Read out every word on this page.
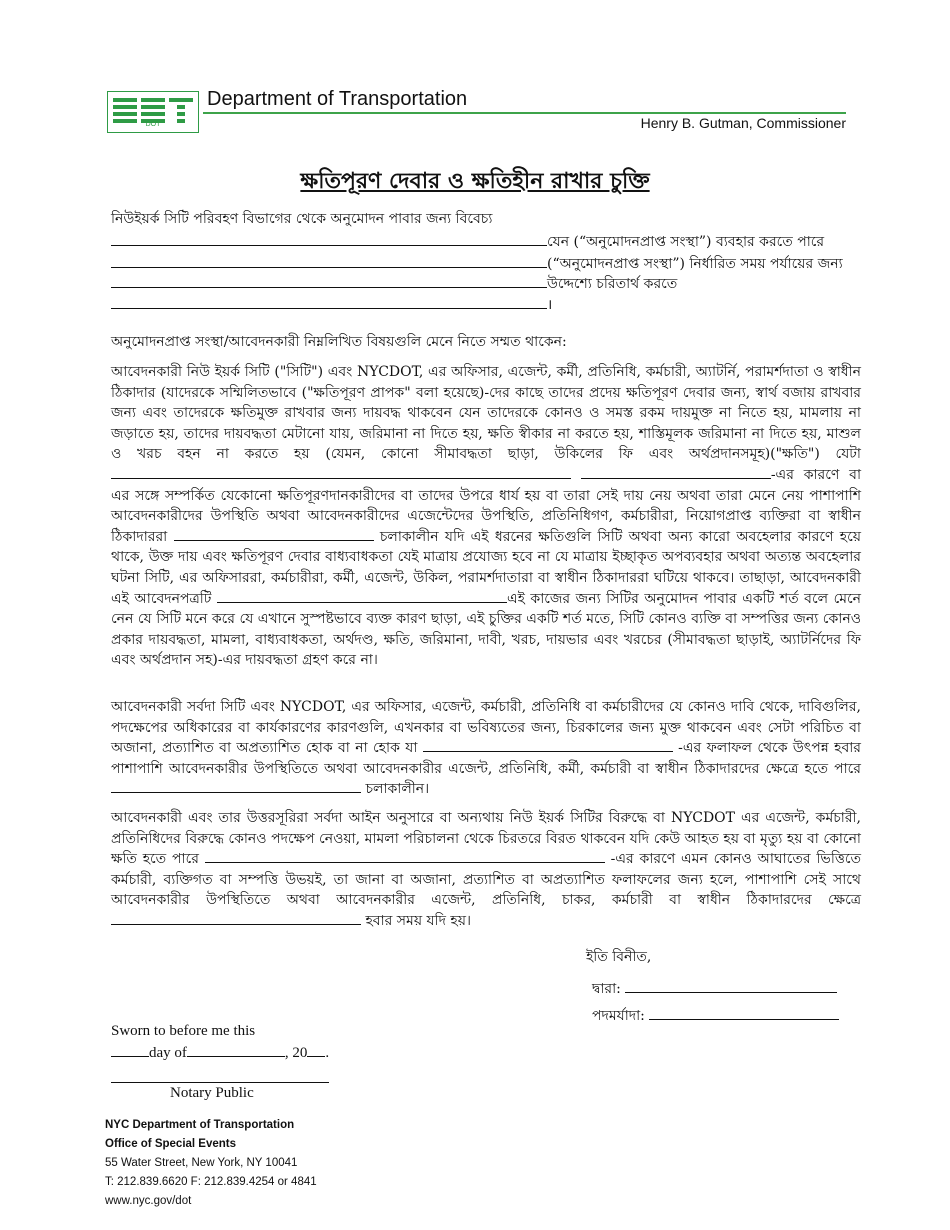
DOT
Department of Transportation
Henry B. Gutman, Commissioner
ক্ষতিপূরণ দেবার ও ক্ষতিহীন রাখার চুক্তি
নিউইয়র্ক সিটি পরিবহণ বিভাগের থেকে অনুমোদন পাবার জন্য বিবেচ্য
যেন (“অনুমোদনপ্রাপ্ত সংস্থা”) ব্যবহার করতে পারে
(“অনুমোদনপ্রাপ্ত সংস্থা”) নির্ধারিত সময় পর্যায়ের জন্য
উদ্দেশ্যে চরিতার্থ করতে
।
অনুমোদনপ্রাপ্ত সংস্থা/আবেদনকারী নিম্নলিখিত বিষয়গুলি মেনে নিতে সম্মত থাকেন:
আবেদনকারী নিউ ইয়র্ক সিটি ("সিটি") এবং NYCDOT, এর অফিসার, এজেন্ট, কর্মী, প্রতিনিধি, কর্মচারী, অ্যাটর্নি, পরামর্শদাতা ও স্বাধীন ঠিকাদার (যাদেরকে সম্মিলিতভাবে ("ক্ষতিপূরণ প্রাপক" বলা হয়েছে)-দের কাছে তাদের প্রদেয় ক্ষতিপূরণ দেবার জন্য, স্বার্থ বজায় রাখবার জন্য এবং তাদেরকে ক্ষতিমুক্ত রাখবার জন্য দায়বদ্ধ থাকবেন যেন তাদেরকে কোনও ও সমস্ত রকম দায়মুক্ত না নিতে হয়, মামলায় না জড়াতে হয়, তাদের দায়বদ্ধতা মেটানো যায়, জরিমানা না দিতে হয়, ক্ষতি স্বীকার না করতে হয়, শাস্তিমূলক জরিমানা না দিতে হয়, মাশুল ও খরচ বহন না করতে হয় (যেমন, কোনো সীমাবদ্ধতা ছাড়া, উকিলের ফি এবং অর্থপ্রদানসমূহ)("ক্ষতি") যেটা  -এর কারণে বা এর সঙ্গে সম্পর্কিত যেকোনো ক্ষতিপূরণদানকারীদের বা তাদের উপরে ধার্য হয় বা তারা সেই দায় নেয় অথবা তারা মেনে নেয় পাশাপাশি আবেদনকারীদের উপস্থিতি অথবা আবেদনকারীদের এজেন্টেদের উপস্থিতি, প্রতিনিধিগণ, কর্মচারীরা, নিয়োগপ্রাপ্ত ব্যক্তিরা বা স্বাধীন ঠিকাদাররা	চলাকালীন যদি এই ধরনের ক্ষতিগুলি সিটি অথবা অন্য কারো অবহেলার কারণে হয়ে থাকে, উক্ত দায় এবং ক্ষতিপূরণ দেবার বাধ্যবাধকতা যেই মাত্রায় প্রযোজ্য হবে না যে মাত্রায় ইচ্ছাকৃত অপব্যবহার অথবা অত্যন্ত অবহেলার ঘটনা সিটি, এর অফিসাররা, কর্মচারীরা, কর্মী, এজেন্ট, উকিল, পরামর্শদাতারা বা স্বাধীন ঠিকাদাররা ঘটিয়ে থাকবে। তাছাড়া, আবেদনকারী এই আবেদনপত্রটি	এই কাজের জন্য সিটির অনুমোদন পাবার একটি শর্ত বলে মেনে নেন যে সিটি মনে করে যে এখানে সুস্পষ্টভাবে ব্যক্ত কারণ ছাড়া, এই চুক্তির একটি শর্ত মতে, সিটি কোনও ব্যক্তি বা সম্পত্তির জন্য কোনও প্রকার দায়বদ্ধতা, মামলা, বাধ্যবাধকতা, অর্থদণ্ড, ক্ষতি, জরিমানা, দাবী, খরচ, দায়ভার এবং খরচের (সীমাবদ্ধতা ছাড়াই, অ্যাটর্নিদের ফি এবং অর্থপ্রদান সহ)-এর দায়বদ্ধতা গ্রহণ করে না।
আবেদনকারী সর্বদা সিটি এবং NYCDOT, এর অফিসার, এজেন্ট, কর্মচারী, প্রতিনিধি বা কর্মচারীদের যে কোনও দাবি থেকে, দাবিগুলির, পদক্ষেপের অধিকারের বা কার্যকারণের কারণগুলি, এখনকার বা ভবিষ্যতের জন্য, চিরকালের জন্য মুক্ত থাকবেন এবং সেটা পরিচিত বা অজানা, প্রত্যাশিত বা অপ্রত্যাশিত হোক বা না হোক যা	-এর ফলাফল থেকে উৎপন্ন হবার পাশাপাশি আবেদনকারীর উপস্থিতিতে অথবা আবেদনকারীর এজেন্ট, প্রতিনিধি, কর্মী, কর্মচারী বা স্বাধীন ঠিকাদারদের ক্ষেত্রে হতে পারে  চলাকালীন।
আবেদনকারী এবং তার উত্তরসূরিরা সর্বদা আইন অনুসারে বা অন্যথায় নিউ ইয়র্ক সিটির বিরুদ্ধে বা NYCDOT এর এজেন্ট, কর্মচারী, প্রতিনিধিদের বিরুদ্ধে কোনও পদক্ষেপ নেওয়া, মামলা পরিচালনা থেকে চিরতরে বিরত থাকবেন যদি কেউ আহত হয় বা মৃত্যু হয় বা কোনো ক্ষতি হতে পারে	-এর কারণে এমন কোনও আঘাতের ভিত্তিতে কর্মচারী, ব্যক্তিগত বা সম্পত্তি উভয়ই, তা জানা বা অজানা, প্রত্যাশিত বা অপ্রত্যাশিত ফলাফলের জন্য হলে, পাশাপাশি সেই সাথে আবেদনকারীর উপস্থিতিতে অথবা আবেদনকারীর এজেন্ট, প্রতিনিধি, চাকর, কর্মচারী বা স্বাধীন ঠিকাদারদের ক্ষেত্রে  হবার সময় যদি হয়।
ইতি বিনীত,
দ্বারা:
পদমর্যাদা:
Sworn to before me this
day of	, 20 .
Notary Public
NYC Department of Transportation
Office of Special Events
55 Water Street, New York, NY 10041
T: 212.839.6620 F: 212.839.4254 or 4841
www.nyc.gov/dot
